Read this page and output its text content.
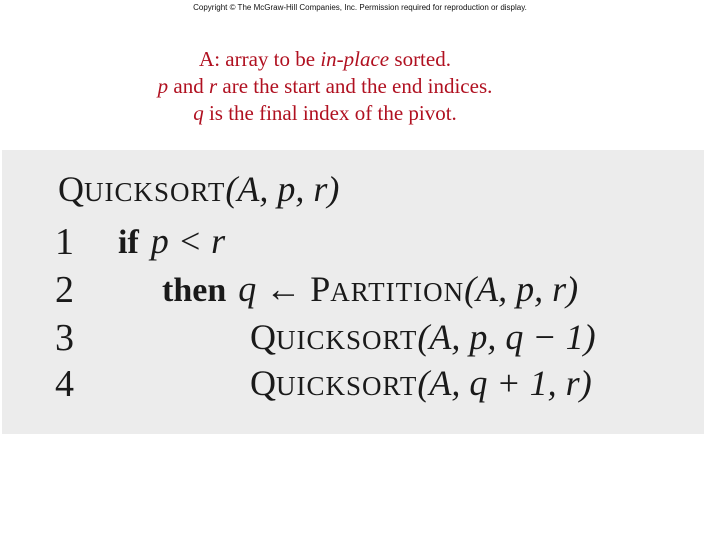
Copyright © The McGraw-Hill Companies, Inc. Permission required for reproduction or display.
A: array to be in-place sorted.
p and r are the start and the end indices.
q is the final index of the pivot.
QUICKSORT(A, p, r)
1 if p < r
2	then q ← PARTITION(A, p, r)
3	QUICKSORT(A, p, q − 1)
4	QUICKSORT(A, q + 1, r)
